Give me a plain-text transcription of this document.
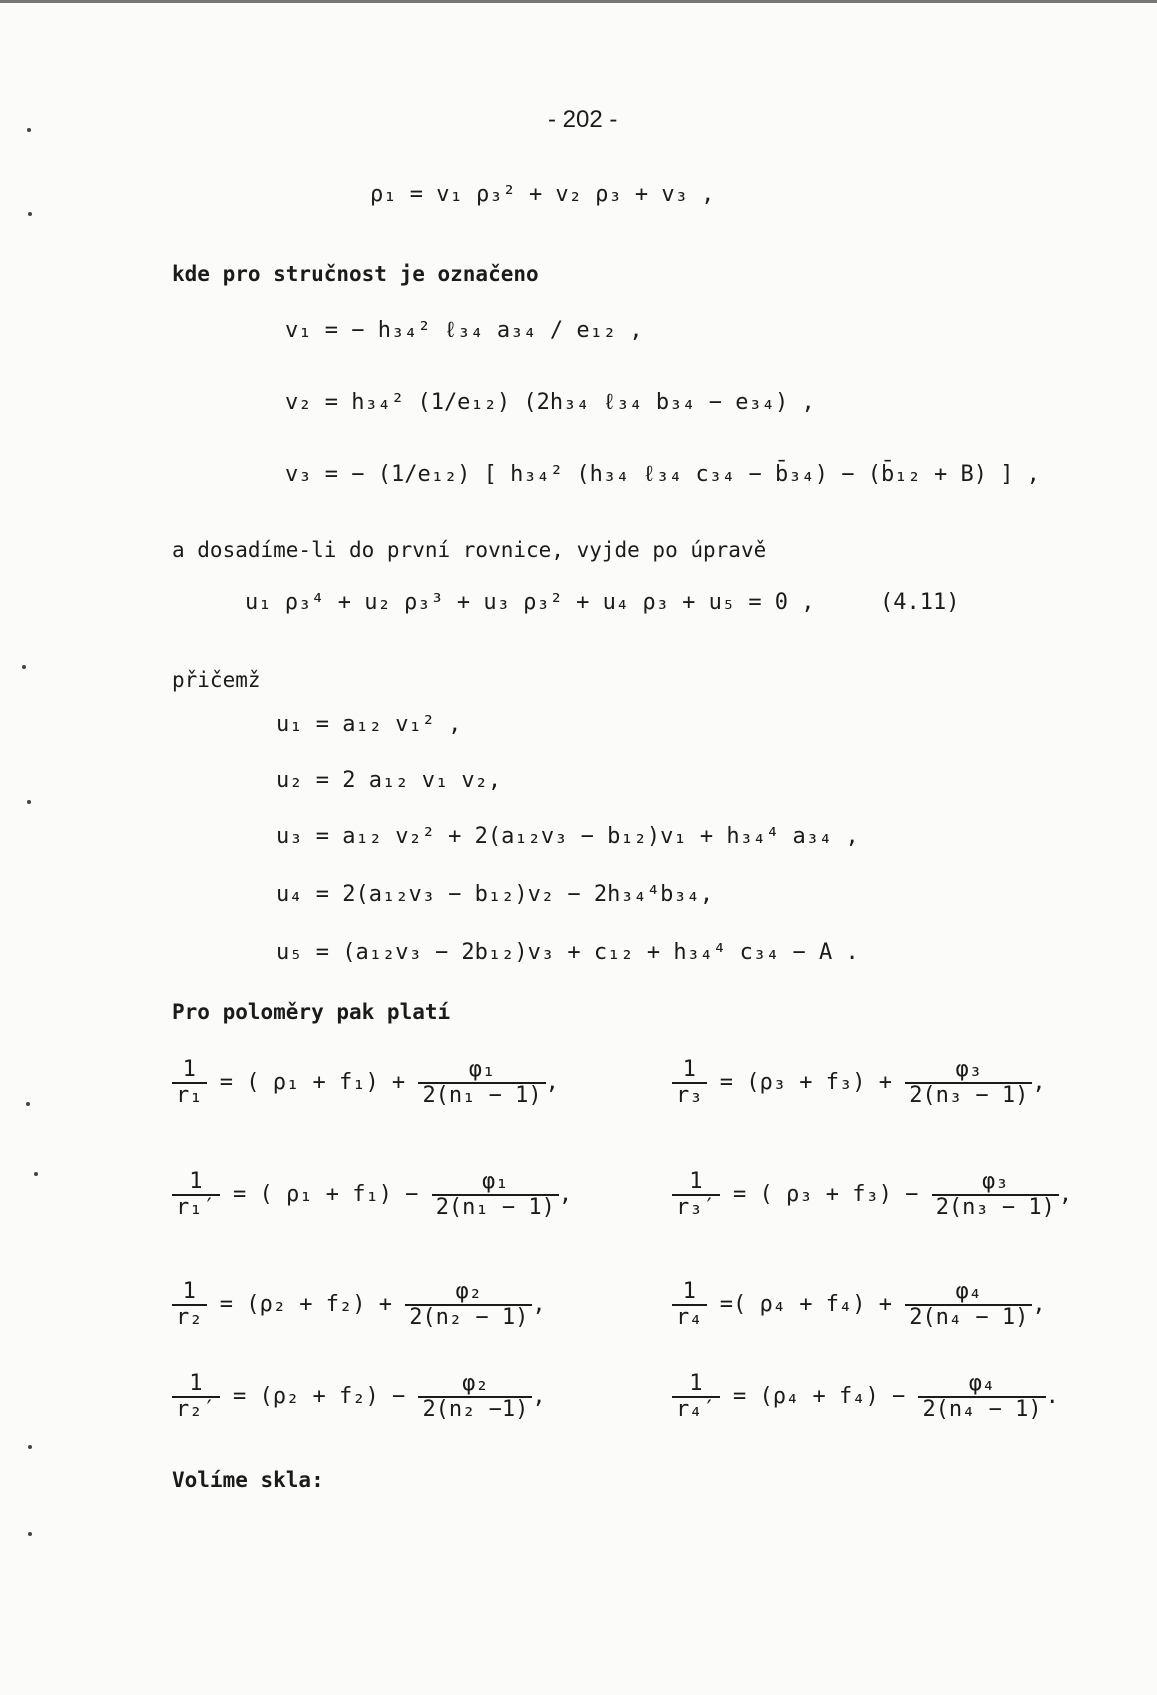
- 202 -
ρ₁ = v₁ ρ₃² + v₂ ρ₃ + v₃ ,
kde pro stručnost je označeno
v₁ = − h₃₄² ℓ₃₄ a₃₄ / e₁₂ ,
v₂ = h₃₄² (1/e₁₂) (2h₃₄ ℓ₃₄ b₃₄ − e₃₄) ,
v₃ = − (1/e₁₂) [ h₃₄² (h₃₄ ℓ₃₄ c₃₄ − b̄₃₄) − (b̄₁₂ + B) ] ,
a dosadíme-li do první rovnice, vyjde po úpravě
u₁ ρ₃⁴ + u₂ ρ₃³ + u₃ ρ₃² + u₄ ρ₃ + u₅ = 0 ,	(4.11)
přičemž
u₁ = a₁₂ v₁² ,
u₂ = 2 a₁₂ v₁ v₂,
u₃ = a₁₂ v₂² + 2(a₁₂v₃ − b₁₂)v₁ + h₃₄⁴ a₃₄ ,
u₄ = 2(a₁₂v₃ − b₁₂)v₂ − 2h₃₄⁴b₃₄,
u₅ = (a₁₂v₃ − 2b₁₂)v₃ + c₁₂ + h₃₄⁴ c₃₄ − A .
Pro poloměry pak platí
$\frac{1}{\text{r₁}}$ = ( $\rho_1 + f_1) + \frac{\text{φ₁}}{\text{2(n₁ − 1)}}$ ,	$\frac{1}{\text{r₃}} = (\rho_3 + f_3) + \frac{\text{φ₃}}{\text{2(n₃ − 1)}}$ ,
$\frac{1}{\text{r₁′}}$ = ( $\rho_1 + f_1) - \frac{\text{φ₁}}{\text{2(n₁ − 1)}}$ ,	$\frac{1}{\text{r₃′}}$ = ( $\rho_3 + f_3) - \frac{\text{φ₃}}{\text{2(n₃ − 1)}}$ ,
$\frac{1}{\text{r₂}} = (\rho_2 + f_2) + \frac{\text{φ₂}}{\text{2(n₂ − 1)}}$ ,	$\frac{1}{\text{r₄}}$ =( $\rho_4 + f_4) + \frac{\text{φ₄}}{\text{2(n₄ − 1)}}$ ,
$\frac{1}{\text{r₂′}} = (\rho_2 + f_2) - \frac{\text{φ₂}}{\text{2(n₂ −1)}}$ ,	$\frac{1}{\text{r₄′}} = (\rho_4 + f_4) - \frac{\text{φ₄}}{\text{2(n₄ − 1)}}$ .
Volíme skla:
